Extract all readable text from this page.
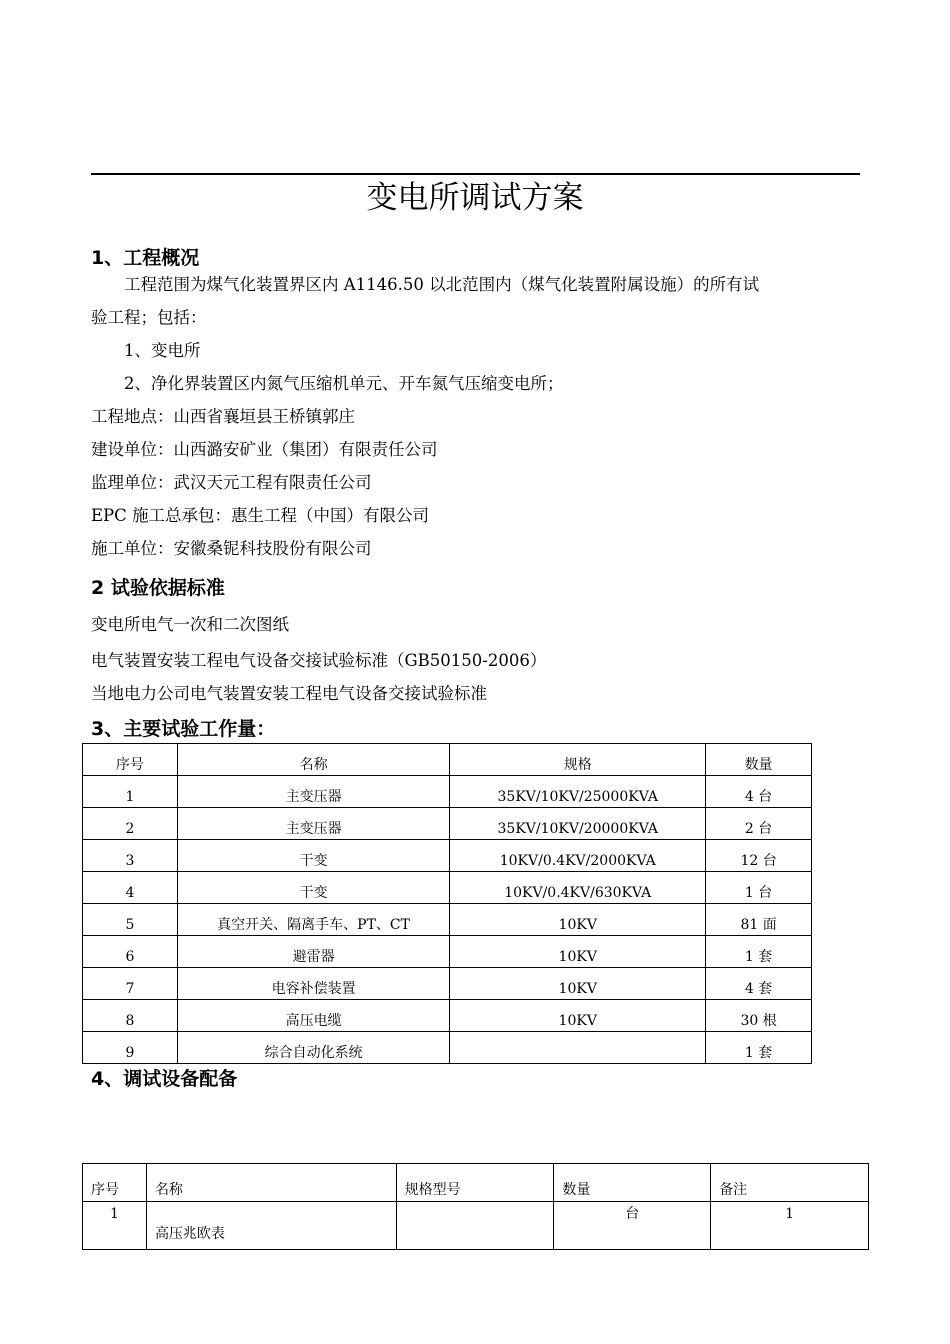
变电所调试方案
1、工程概况
工程范围为煤气化装置界区内 A1146.50 以北范围内（煤气化装置附属设施）的所有试
验工程；包括：
1、变电所
2、净化界装置区内氮气压缩机单元、开车氮气压缩变电所；
工程地点：山西省襄垣县王桥镇郭庄
建设单位：山西潞安矿业（集团）有限责任公司
监理单位：武汉天元工程有限责任公司
EPC 施工总承包：惠生工程（中国）有限公司
施工单位：安徽桑铌科技股份有限公司
2 试验依据标准
变电所电气一次和二次图纸
电气装置安装工程电气设备交接试验标准（GB50150-2006）
当地电力公司电气装置安装工程电气设备交接试验标准
3、主要试验工作量：
序号	名称	规格	数量
1	主变压器	35KV/10KV/25000KVA	4 台
2	主变压器	35KV/10KV/20000KVA	2 台
3	干变	10KV/0.4KV/2000KVA	12 台
4	干变	10KV/0.4KV/630KVA	1 台
5	真空开关、隔离手车、PT、CT	10KV	81 面
6	避雷器	10KV	1 套
7	电容补偿装置	10KV	4 套
8	高压电缆	10KV	30 根
9	综合自动化系统		1 套
4、调试设备配备
序号	名称	规格型号	数量	备注
1	高压兆欧表		台	1
